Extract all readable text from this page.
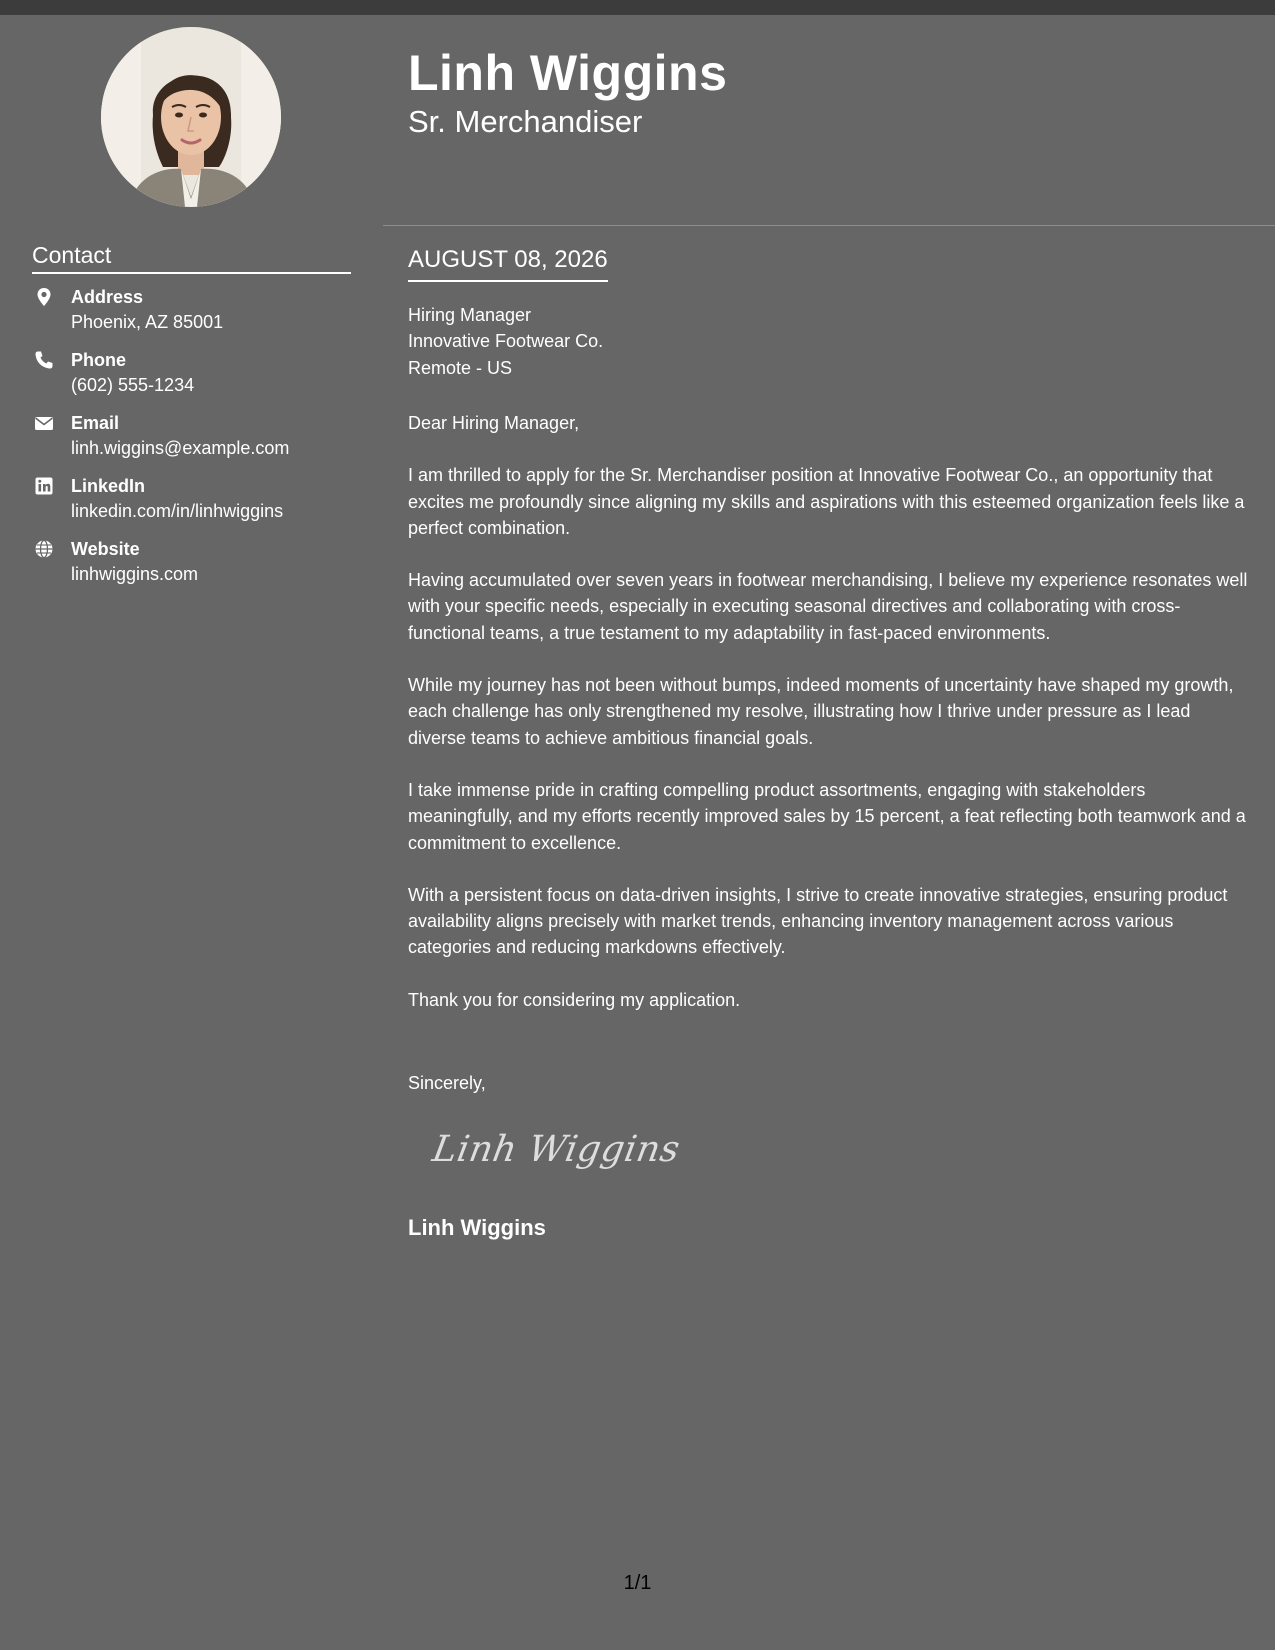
Contact
Address
Phoenix, AZ 85001
Phone
(602) 555-1234
Email
linh.wiggins@example.com
LinkedIn
linkedin.com/in/linhwiggins
Website
linhwiggins.com
Linh Wiggins
Sr. Merchandiser
AUGUST 08, 2026
Hiring Manager
Innovative Footwear Co.
Remote - US

Dear Hiring Manager,

I am thrilled to apply for the Sr. Merchandiser position at Innovative Footwear Co., an opportunity that excites me profoundly since aligning my skills and aspirations with this esteemed organization feels like a perfect combination.

Having accumulated over seven years in footwear merchandising, I believe my experience resonates well with your specific needs, especially in executing seasonal directives and collaborating with cross-functional teams, a true testament to my adaptability in fast-paced environments.

While my journey has not been without bumps, indeed moments of uncertainty have shaped my growth, each challenge has only strengthened my resolve, illustrating how I thrive under pressure as I lead diverse teams to achieve ambitious financial goals.

I take immense pride in crafting compelling product assortments, engaging with stakeholders meaningfully, and my efforts recently improved sales by 15 percent, a feat reflecting both teamwork and a commitment to excellence.

With a persistent focus on data-driven insights, I strive to create innovative strategies, ensuring product availability aligns precisely with market trends, enhancing inventory management across various categories and reducing markdowns effectively.

Thank you for considering my application.

Sincerely,
Linh Wiggins
Linh Wiggins
1/1
